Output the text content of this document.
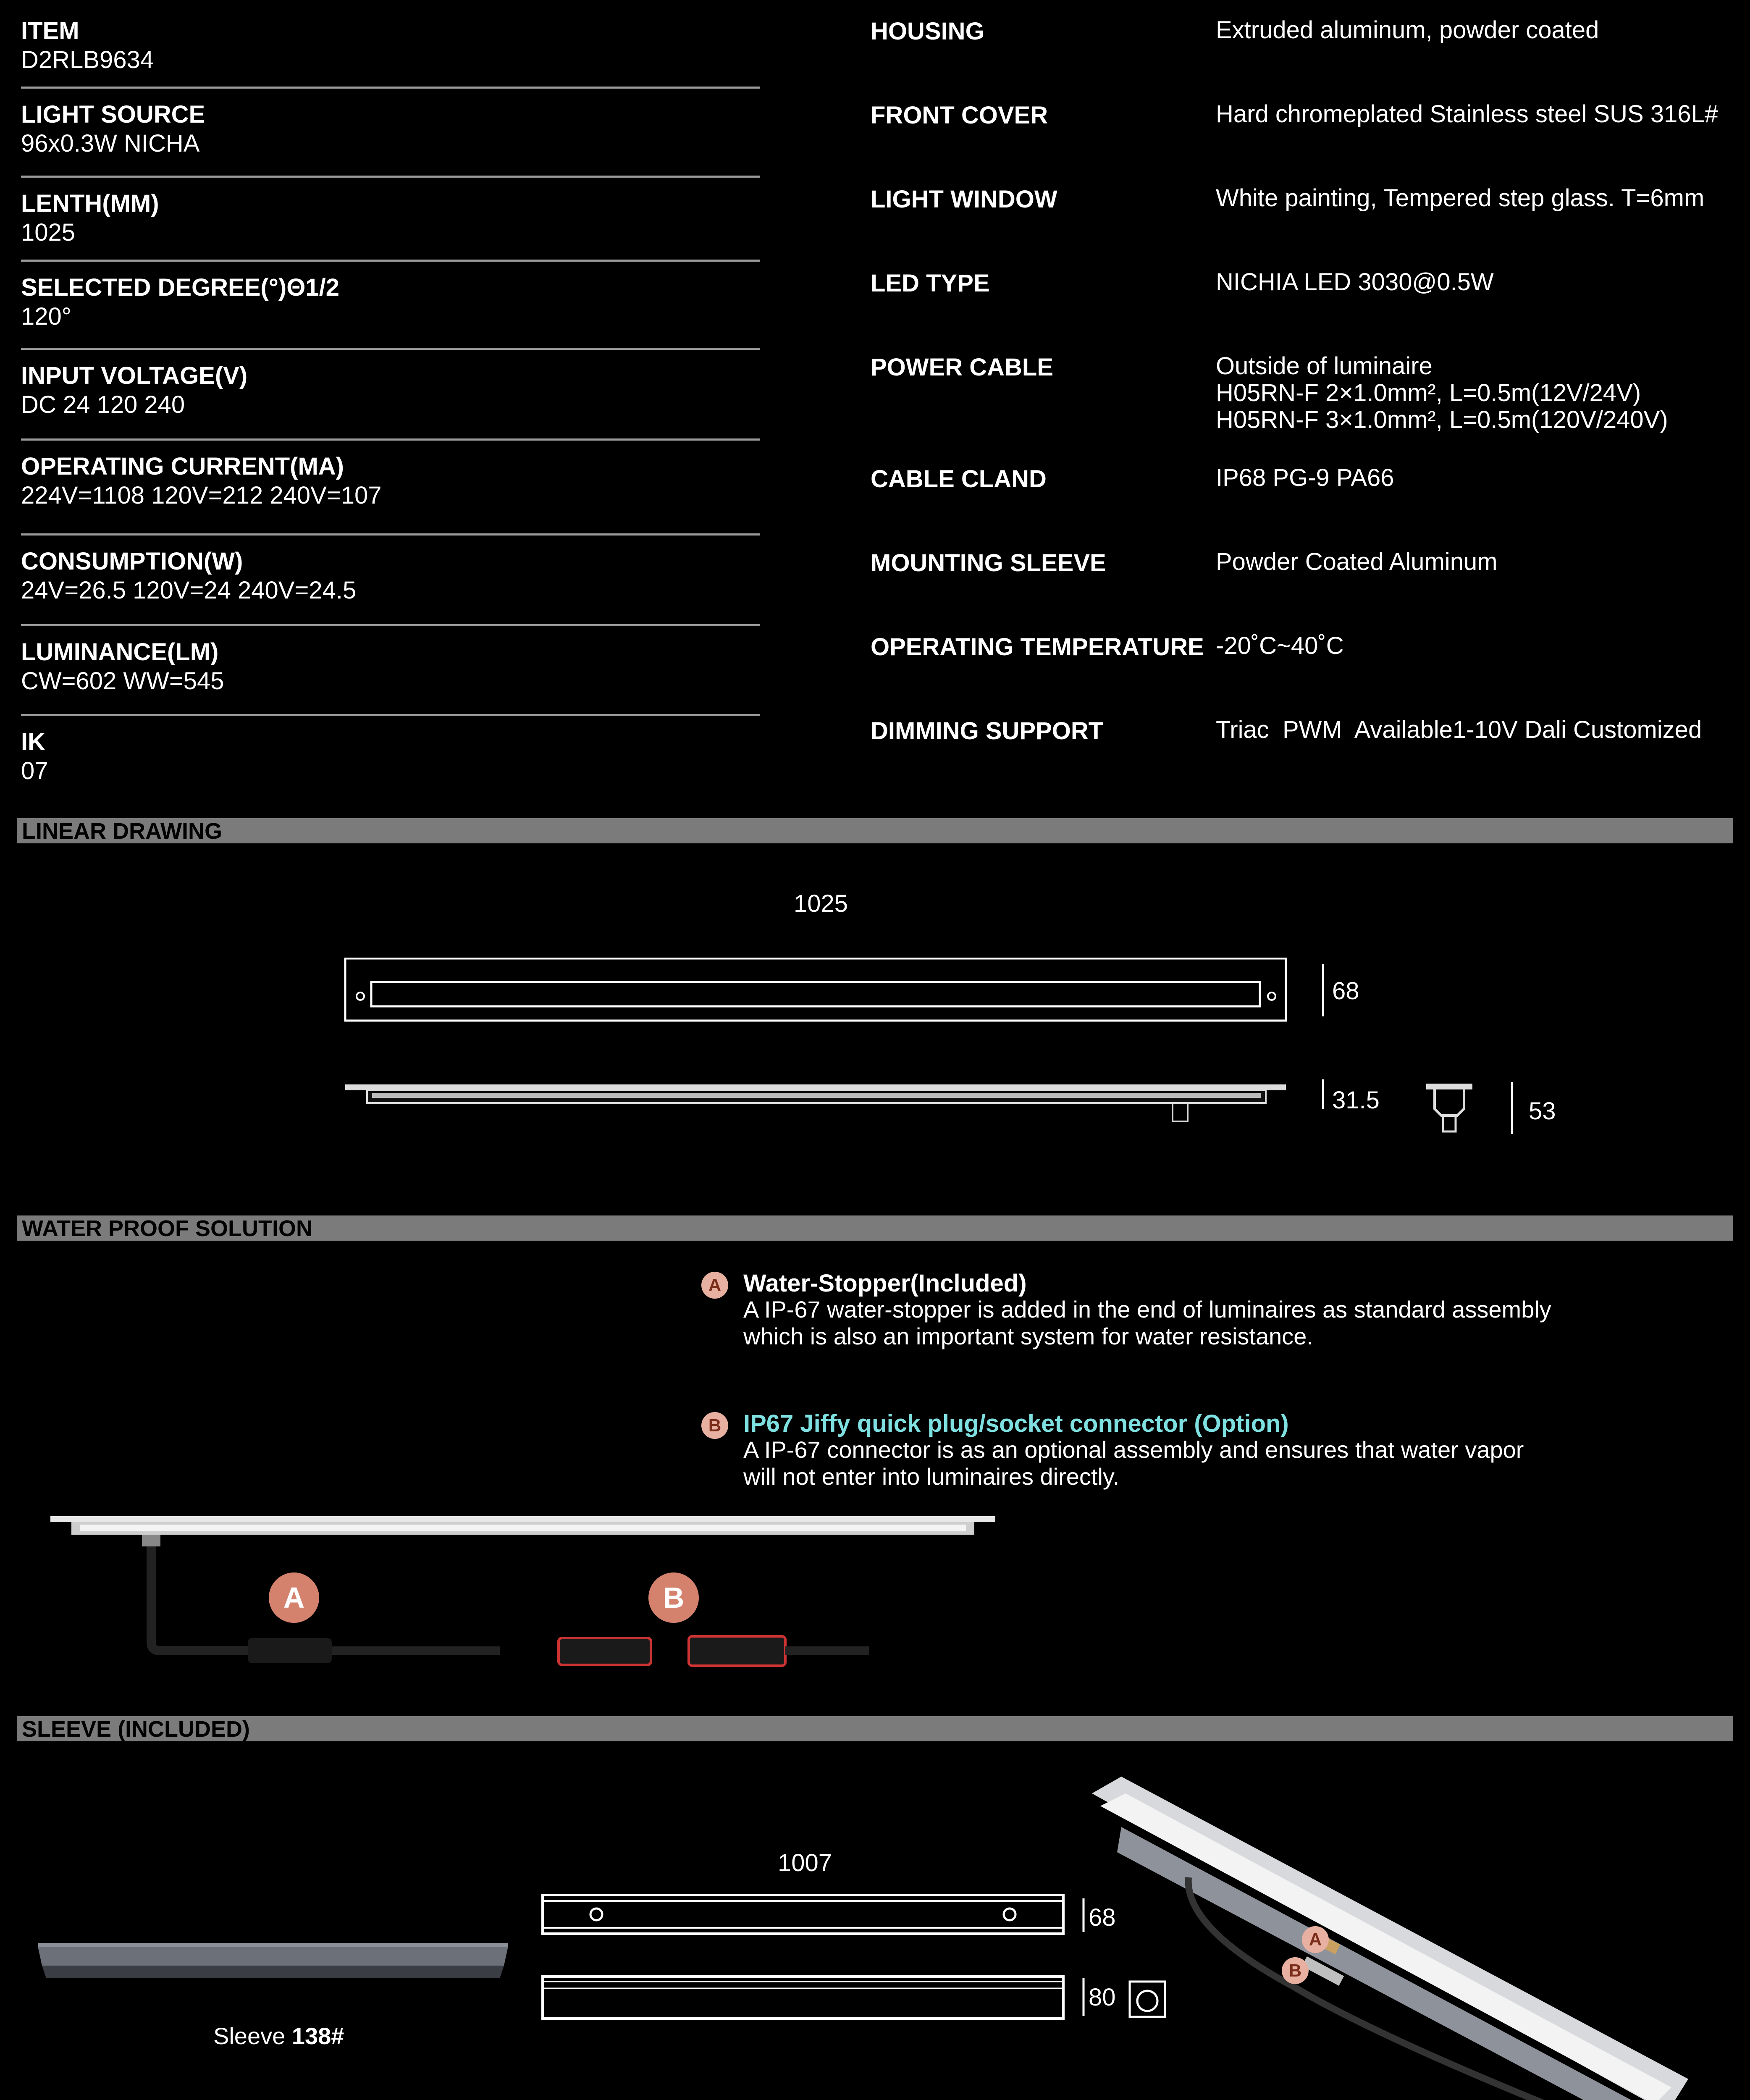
ITEM
D2RLB9634
LIGHT SOURCE
96x0.3W NICHA
LENTH(MM)
1025
SELECTED DEGREE(°)Θ1/2
120°
INPUT VOLTAGE(V)
DC 24 120 240
OPERATING CURRENT(MA)
224V=1108 120V=212 240V=107
CONSUMPTION(W)
24V=26.5 120V=24 240V=24.5
LUMINANCE(LM)
CW=602 WW=545
IK
07
HOUSING	Extruded aluminum, powder coated
FRONT COVER	Hard chromeplated Stainless steel SUS 316L#
LIGHT WINDOW	White painting, Tempered step glass. T=6mm
LED TYPE	NICHIA LED 3030@0.5W
POWER CABLE	Outside of luminaire
H05RN-F 2×1.0mm², L=0.5m(12V/24V)
H05RN-F 3×1.0mm², L=0.5m(120V/240V)
CABLE CLAND	IP68 PG-9 PA66
MOUNTING SLEEVE	Powder Coated Aluminum
OPERATING TEMPERATURE -20˚C~40˚C
DIMMING SUPPORT	Triac  PWM  Available1-10V Dali Customized
LINEAR DRAWING
1025
68
31.5	53
WATER PROOF SOLUTION
A Water-Stopper(Included)
A IP-67 water-stopper is added in the end of luminaires as standard assembly
which is also an important system for water resistance.
B IP67 Jiffy quick plug/socket connector (Option)
A IP-67 connector is as an optional assembly and ensures that water vapor
will not enter into luminaires directly.
A	B
SLEEVE (INCLUDED)
Sleeve 138#
1007
68
80
A
B
